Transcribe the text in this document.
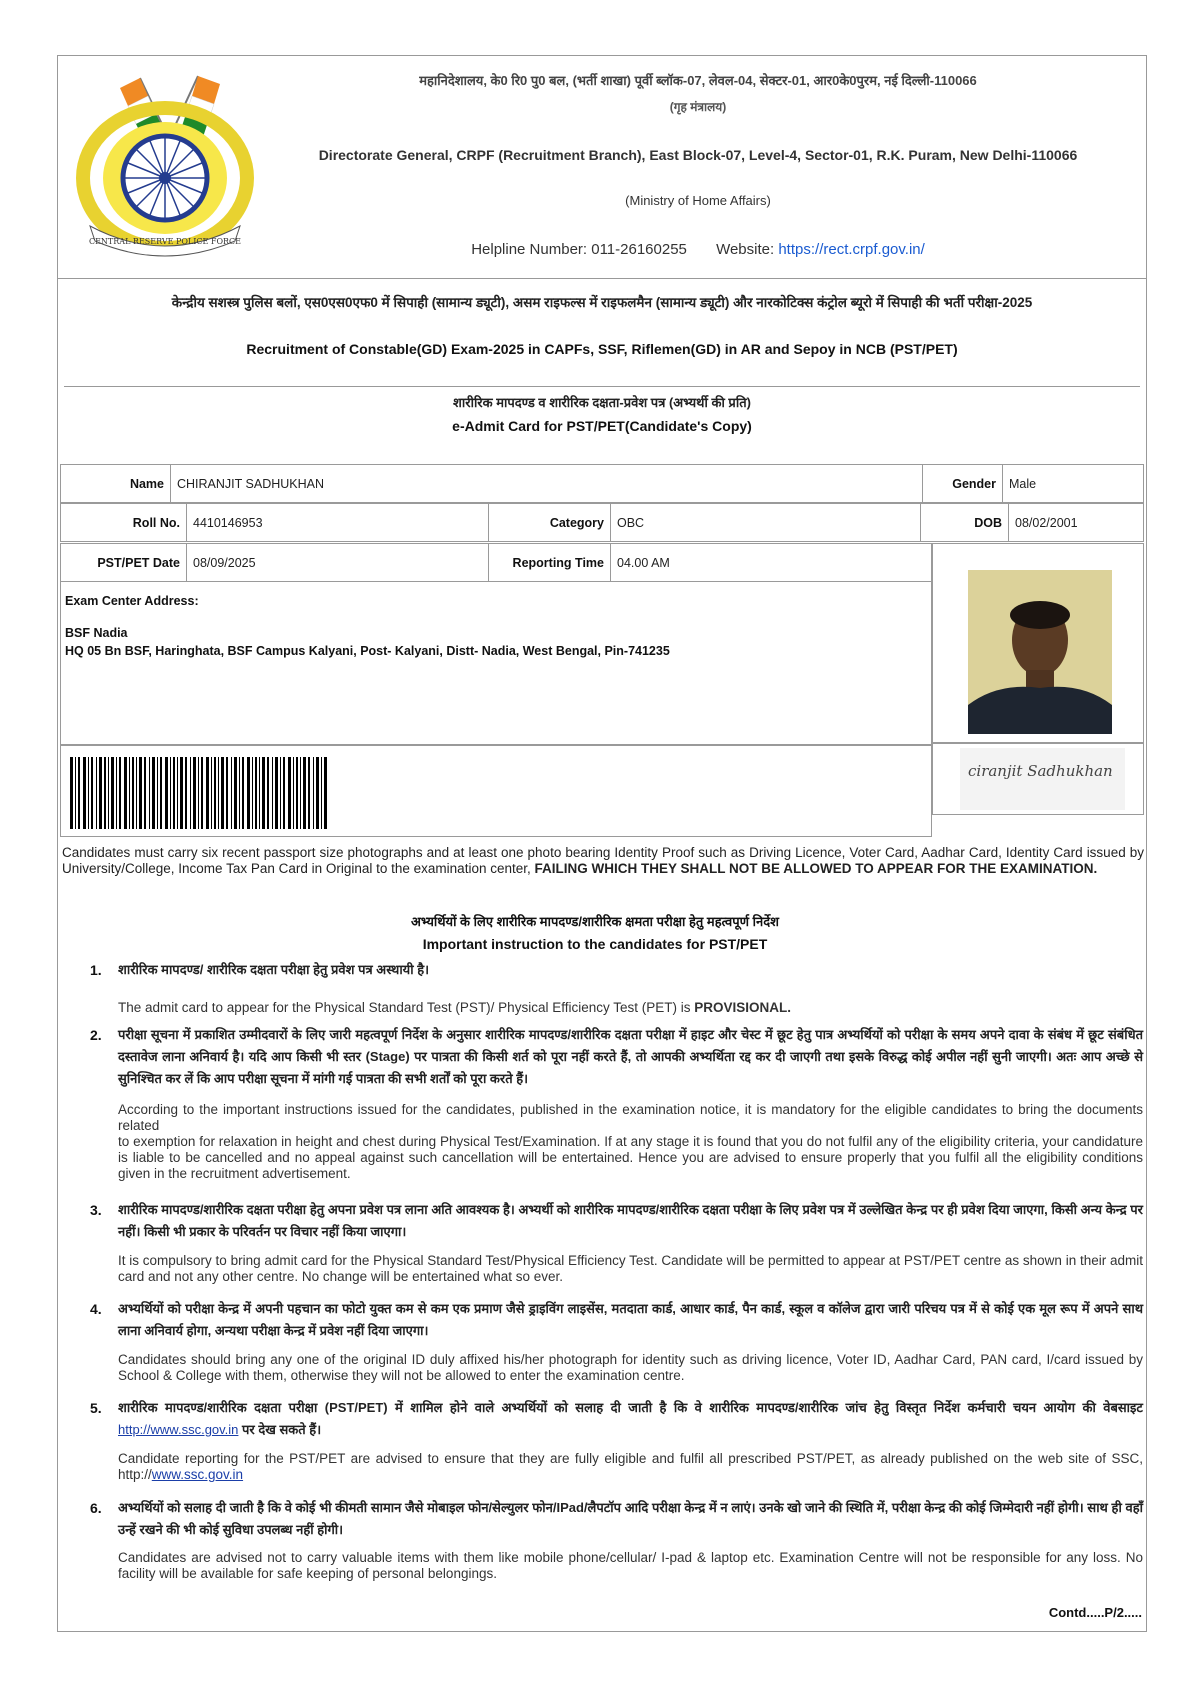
CENTRAL RESERVE POLICE FORCE
महानिदेशालय, के0 रि0 पु0 बल, (भर्ती शाखा) पूर्वी ब्लॉक-07, लेवल-04, सेक्टर-01, आर0के0पुरम, नई दिल्ली-110066
(गृह मंत्रालय)
Directorate General, CRPF (Recruitment Branch), East Block-07, Level-4, Sector-01, R.K. Puram, New Delhi-110066
(Ministry of Home Affairs)
Helpline Number: 011-26160255 Website: https://rect.crpf.gov.in/
केन्द्रीय सशस्त्र पुलिस बलों, एस0एस0एफ0 में सिपाही (सामान्य ड्यूटी), असम राइफल्स में राइफलमैन (सामान्य ड्यूटी) और नारकोटिक्स कंट्रोल ब्यूरो में सिपाही की भर्ती परीक्षा-2025
Recruitment of Constable(GD) Exam-2025 in CAPFs, SSF, Riflemen(GD) in AR and Sepoy in NCB (PST/PET)
शारीरिक मापदण्ड व शारीरिक दक्षता-प्रवेश पत्र (अभ्यर्थी की प्रति)
e-Admit Card for PST/PET(Candidate's Copy)
Name	CHIRANJIT SADHUKHAN	Gender	Male
Roll No.	4410146953	Category	OBC	DOB	08/02/2001
PST/PET Date	08/09/2025	Reporting Time	04.00 AM
Exam Center Address:
BSF Nadia
HQ 05 Bn BSF, Haringhata, BSF Campus Kalyani, Post- Kalyani, Distt- Nadia, West Bengal, Pin-741235
ciranjit Sadhukhan
Candidates must carry six recent passport size photographs and at least one photo bearing Identity Proof such as Driving Licence, Voter Card, Aadhar Card, Identity Card issued by University/College, Income Tax Pan Card in Original to the examination center, FAILING WHICH THEY SHALL NOT BE ALLOWED TO APPEAR FOR THE EXAMINATION.
अभ्यर्थियों के लिए शारीरिक मापदण्ड/शारीरिक क्षमता परीक्षा हेतु महत्वपूर्ण निर्देश
Important instruction to the candidates for PST/PET
1. शारीरिक मापदण्ड/ शारीरिक दक्षता परीक्षा हेतु प्रवेश पत्र अस्थायी है।
The admit card to appear for the Physical Standard Test (PST)/ Physical Efficiency Test (PET) is PROVISIONAL.
2. परीक्षा सूचना में प्रकाशित उम्मीदवारों के लिए जारी महत्वपूर्ण निर्देश के अनुसार शारीरिक मापदण्ड/शारीरिक दक्षता परीक्षा में हाइट और चेस्ट में छूट हेतु पात्र अभ्यर्थियों को परीक्षा के समय अपने दावा के संबंध में छूट संबंधित दस्तावेज लाना अनिवार्य है। यदि आप किसी भी स्तर (Stage) पर पात्रता की किसी शर्त को पूरा नहीं करते हैं, तो आपकी अभ्यर्थिता रद्द कर दी जाएगी तथा इसके विरुद्ध कोई अपील नहीं सुनी जाएगी। अतः आप अच्छे से सुनिश्चित कर लें कि आप परीक्षा सूचना में मांगी गई पात्रता की सभी शर्तों को पूरा करते हैं।
According to the important instructions issued for the candidates, published in the examination notice, it is mandatory for the eligible candidates to bring the documents related
to exemption for relaxation in height and chest during Physical Test/Examination. If at any stage it is found that you do not fulfil any of the eligibility criteria, your candidature is liable to be cancelled and no appeal against such cancellation will be entertained. Hence you are advised to ensure properly that you fulfil all the eligibility conditions given in the recruitment advertisement.
3. शारीरिक मापदण्ड/शारीरिक दक्षता परीक्षा हेतु अपना प्रवेश पत्र लाना अति आवश्यक है। अभ्यर्थी को शारीरिक मापदण्ड/शारीरिक दक्षता परीक्षा के लिए प्रवेश पत्र में उल्लेखित केन्द्र पर ही प्रवेश दिया जाएगा, किसी अन्य केन्द्र पर नहीं। किसी भी प्रकार के परिवर्तन पर विचार नहीं किया जाएगा।
It is compulsory to bring admit card for the Physical Standard Test/Physical Efficiency Test. Candidate will be permitted to appear at PST/PET centre as shown in their admit card and not any other centre. No change will be entertained what so ever.
4. अभ्यर्थियों को परीक्षा केन्द्र में अपनी पहचान का फोटो युक्त कम से कम एक प्रमाण जैसे ड्राइविंग लाइसेंस, मतदाता कार्ड, आधार कार्ड, पैन कार्ड, स्कूल व कॉलेज द्वारा जारी परिचय पत्र में से कोई एक मूल रूप में अपने साथ लाना अनिवार्य होगा, अन्यथा परीक्षा केन्द्र में प्रवेश नहीं दिया जाएगा।
Candidates should bring any one of the original ID duly affixed his/her photograph for identity such as driving licence, Voter ID, Aadhar Card, PAN card, I/card issued by School & College with them, otherwise they will not be allowed to enter the examination centre.
5. शारीरिक मापदण्ड/शारीरिक दक्षता परीक्षा (PST/PET) में शामिल होने वाले अभ्यर्थियों को सलाह दी जाती है कि वे शारीरिक मापदण्ड/शारीरिक जांच हेतु विस्तृत निर्देश कर्मचारी चयन आयोग की वेबसाइट http://www.ssc.gov.in पर देख सकते हैं।
Candidate reporting for the PST/PET are advised to ensure that they are fully eligible and fulfil all prescribed PST/PET, as already published on the web site of SSC, http://www.ssc.gov.in
6. अभ्यर्थियों को सलाह दी जाती है कि वे कोई भी कीमती सामान जैसे मोबाइल फोन/सेल्युलर फोन/IPad/लैपटॉप आदि परीक्षा केन्द्र में न लाएं। उनके खो जाने की स्थिति में, परीक्षा केन्द्र की कोई जिम्मेदारी नहीं होगी। साथ ही वहाँ उन्हें रखने की भी कोई सुविधा उपलब्ध नहीं होगी।
Candidates are advised not to carry valuable items with them like mobile phone/cellular/ I-pad & laptop etc. Examination Centre will not be responsible for any loss. No facility will be available for safe keeping of personal belongings.
Contd.....P/2.....
